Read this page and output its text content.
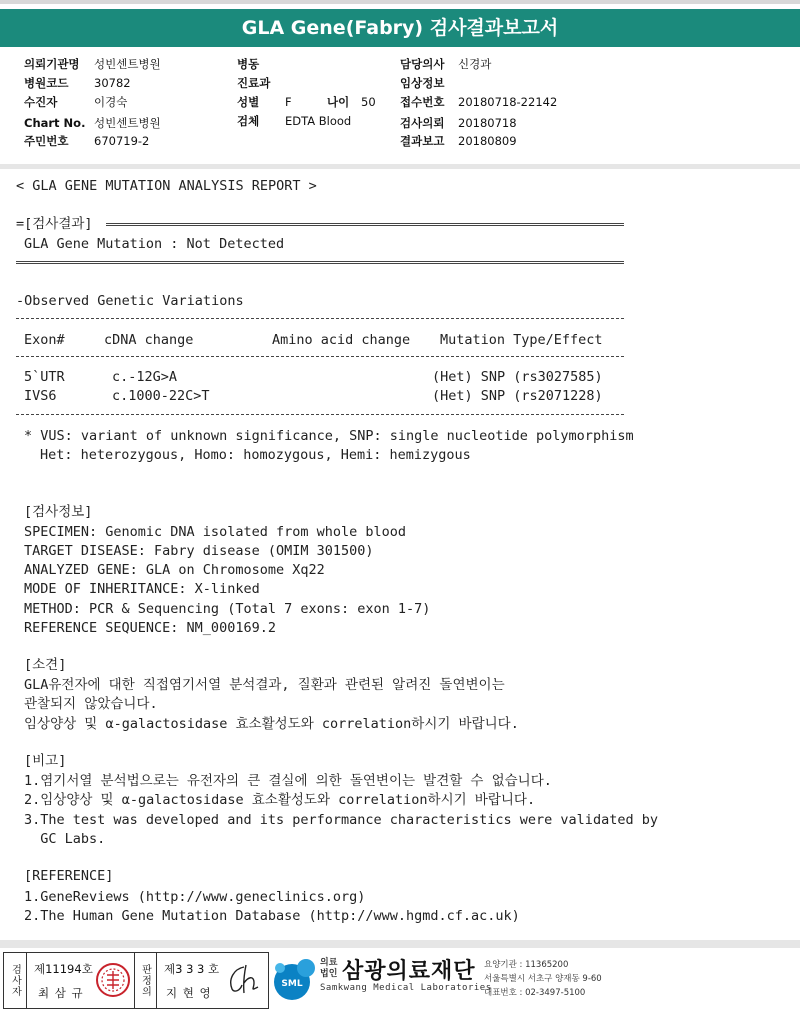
GLA Gene(Fabry) 검사결과보고서
의뢰기관명 성빈센트병원
병원코드 30782
수진자	이경숙
Chart No. 성빈센트병원
주민번호 670719-2
병동
진료과
성별 F	나이 50
검체 EDTA Blood
담당의사 신경과
임상정보
접수번호 20180718-22142
검사의뢰 20180718
결과보고 20180809
< GLA GENE MUTATION ANALYSIS REPORT >
=[검사결과]
GLA Gene Mutation : Not Detected
-Observed Genetic Variations
Exon#	cDNA change	Amino acid change Mutation Type/Effect
5`UTR	c.-12G>A	(Het) SNP (rs3027585)
IVS6	c.1000-22C>T	(Het) SNP (rs2071228)
* VUS: variant of unknown significance, SNP: single nucleotide polymorphism
Het: heterozygous, Homo: homozygous, Hemi: hemizygous
[검사정보]
SPECIMEN: Genomic DNA isolated from whole blood
TARGET DISEASE: Fabry disease (OMIM 301500)
ANALYZED GENE: GLA on Chromosome Xq22
MODE OF INHERITANCE: X-linked
METHOD: PCR & Sequencing (Total 7 exons: exon 1-7)
REFERENCE SEQUENCE: NM_000169.2
[소견]
GLA유전자에 대한 직접염기서열 분석결과, 질환과 관련된 알려진 돌연변이는
관찰되지 않았습니다.
임상양상 및 α-galactosidase 효소활성도와 correlation하시기 바랍니다.
[비고]
1.염기서열 분석법으로는 유전자의 큰 결실에 의한 돌연변이는 발견할 수 없습니다.
2.임상양상 및 α-galactosidase 효소활성도와 correlation하시기 바랍니다.
3.The test was developed and its performance characteristics were validated by
GC Labs.
[REFERENCE]
1.GeneReviews (http://www.geneclinics.org)
2.The Human Gene Mutation Database (http://www.hgmd.cf.ac.uk)
검사자 제11194호
최 삼 규	판정의 제3 3 3 호
지 현 영
SML
의료
법인 삼광의료재단
Samkwang Medical Laboratories
요양기관 : 11365200
서울특별시 서초구 양재동 9-60
대표번호 : 02-3497-5100
